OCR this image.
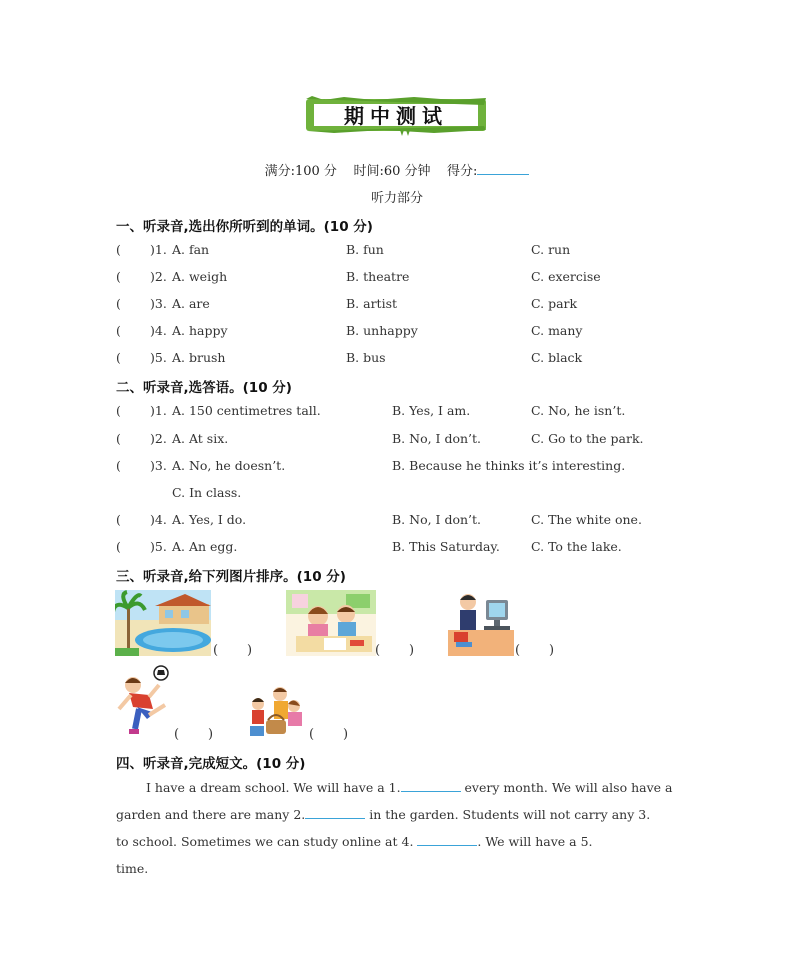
期中测试
满分:100 分 时间:60 分钟 得分:
听力部分
一、听录音,选出你所听到的单词。(10 分)
( )1. A. fan	B. fun	C. run
( )2. A. weigh	B. theatre	C. exercise
( )3. A. are	B. artist	C. park
( )4. A. happy	B. unhappy	C. many
( )5. A. brush	B. bus	C. black
二、听录音,选答语。(10 分)
( )1. A. 150 centimetres tall.	B. Yes, I am.	C. No, he isn’t.
( )2. A. At six.	B. No, I don’t.	C. Go to the park.
( )3. A. No, he doesn’t.	B. Because he thinks it’s interesting.
C. In class.
( )4. A. Yes, I do.	B. No, I don’t.	C. The white one.
( )5. A. An egg.	B. This Saturday. C. To the lake.
三、听录音,给下列图片排序。(10 分)
( )	( )	( )
( )	( )
四、听录音,完成短文。(10 分)
I have a dream school. We will have a 1.	every month. We will also have a
garden and there are many 2.	in the garden. Students will not carry any 3.
to school. Sometimes we can study online at 4.	. We will have a 5.
time.
